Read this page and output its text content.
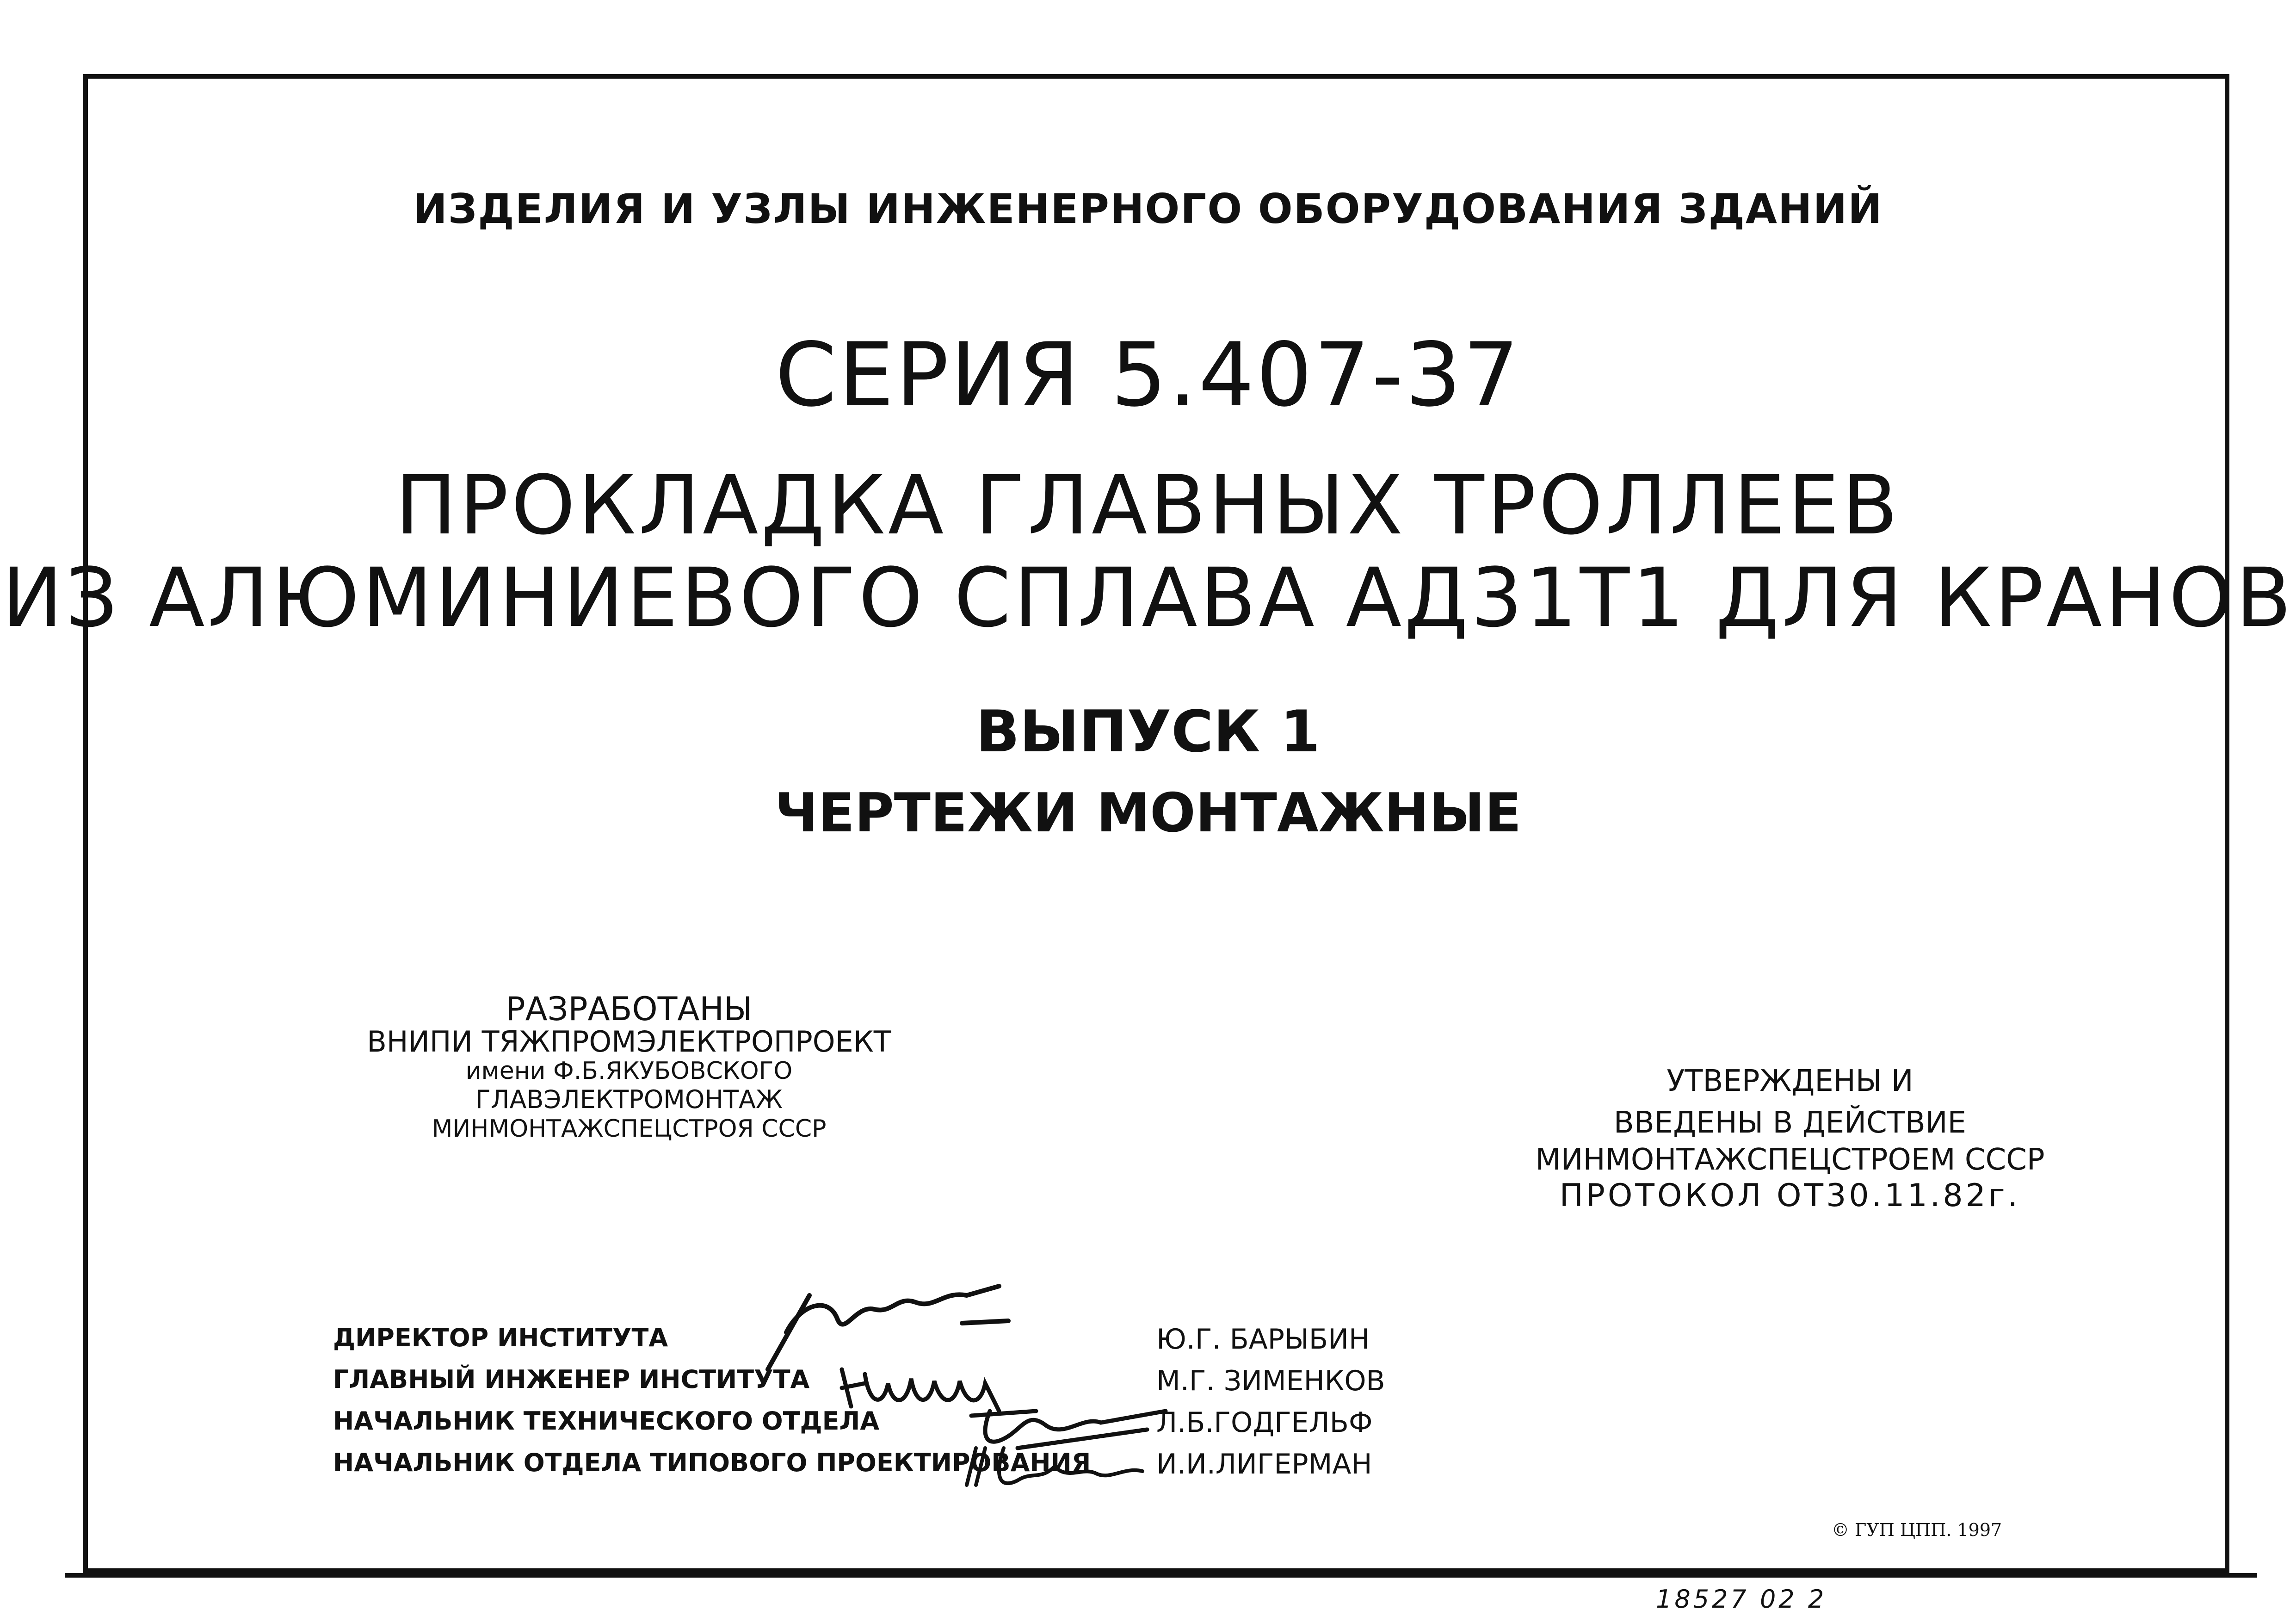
ИЗДЕЛИЯ И УЗЛЫ ИНЖЕНЕРНОГО ОБОРУДОВАНИЯ ЗДАНИЙ

СЕРИЯ 5.407-37

ПРОКЛАДКА ГЛАВНЫХ ТРОЛЛЕЕВ
ИЗ АЛЮМИНИЕВОГО СПЛАВА АД31Т1 ДЛЯ КРАНОВ

ВЫПУСК 1

ЧЕРТЕЖИ МОНТАЖНЫЕ

РАЗРАБОТАНЫ

ВНИПИ ТЯЖПРОМЭЛЕКТРОПРОЕКТ

имени Ф.Б.ЯКУБОВСКОГО

ГЛАВЭЛЕКТРОМОНТАЖ

МИНМОНТАЖСПЕЦСТРОЯ СССР

УТВЕРЖДЕНЫ И

ВВЕДЕНЫ В ДЕЙСТВИЕ

МИНМОНТАЖСПЕЦСТРОЕМ СССР

ПРОТОКОЛ ОТ30.11.82г.

ДИРЕКТОР ИНСТИТУТА	Ю.Г. БАРЫБИН

ГЛАВНЫЙ ИНЖЕНЕР ИНСТИТУТА	М.Г. ЗИМЕНКОВ

НАЧАЛЬНИК ТЕХНИЧЕСКОГО ОТДЕЛА	Л.Б.ГОДГЕЛЬФ

НАЧАЛЬНИК ОТДЕЛА ТИПОВОГО ПРОЕКТИРОВАНИЯ И.И.ЛИГЕРМАН

© ГУП ЦПП. 1997

18527 02 2
